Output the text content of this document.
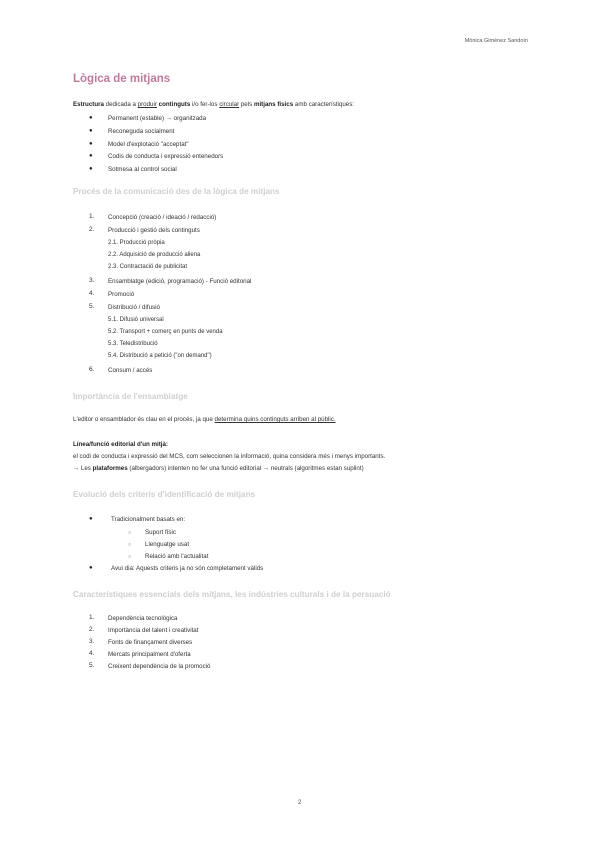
Mònica Giménez Sandoín
Lògica de mitjans
Estructura dedicada a produir continguts i/o fer-los circular pels mitjans físics amb característiques:
● Permanent (estable) → organitzada
● Reconeguda socialment
● Model d'explotació "acceptat"
● Codis de conducta i expressió entenedors
● Sotmesa al control social
Procés de la comunicació des de la lògica de mitjans
1. Concepció (creació / ideació / redacció)
2. Producció i gestió dels continguts
2.1. Producció pròpia
2.2. Adquisició de producció aliena
2.3. Contractació de publicitat
3. Ensamblatge (edició, programació) - Funció editorial
4. Promoció
5. Distribució / difusió
5.1. Difusió universal
5.2. Transport + comerç en punts de venda
5.3. Teledistribució
5.4. Distribució a petició ("on demand")
6. Consum / accés
Importància de l'ensamblatge
L'editor o ensamblador és clau en el procés, ja que determina quins continguts arriben al públic.
Línea/funció editorial d'un mitjà:
el codi de conducta i expressió del MCS, com seleccionen la informació, quina considera més i menys importants.
→ Les plataformes (albergadors) intenten no fer una funció editorial → neutrals (algoritmes estan suplint)
Evolució dels criteris d'identificació de mitjans
●	Tradicionalment basats en:
○ Suport físic
○ Llenguatge usat
○ Relació amb l'actualitat
●	Avui dia: Aquests criteris ja no són completament vàlids
Característiques essencials dels mitjans, les indústries culturals i de la persuació
1. Dependència tecnològica
2. Importància del talent i creativitat
3. Fonts de finançament diverses
4. Mercats principalment d'oferta
5. Creixent dependència de la promoció
2
